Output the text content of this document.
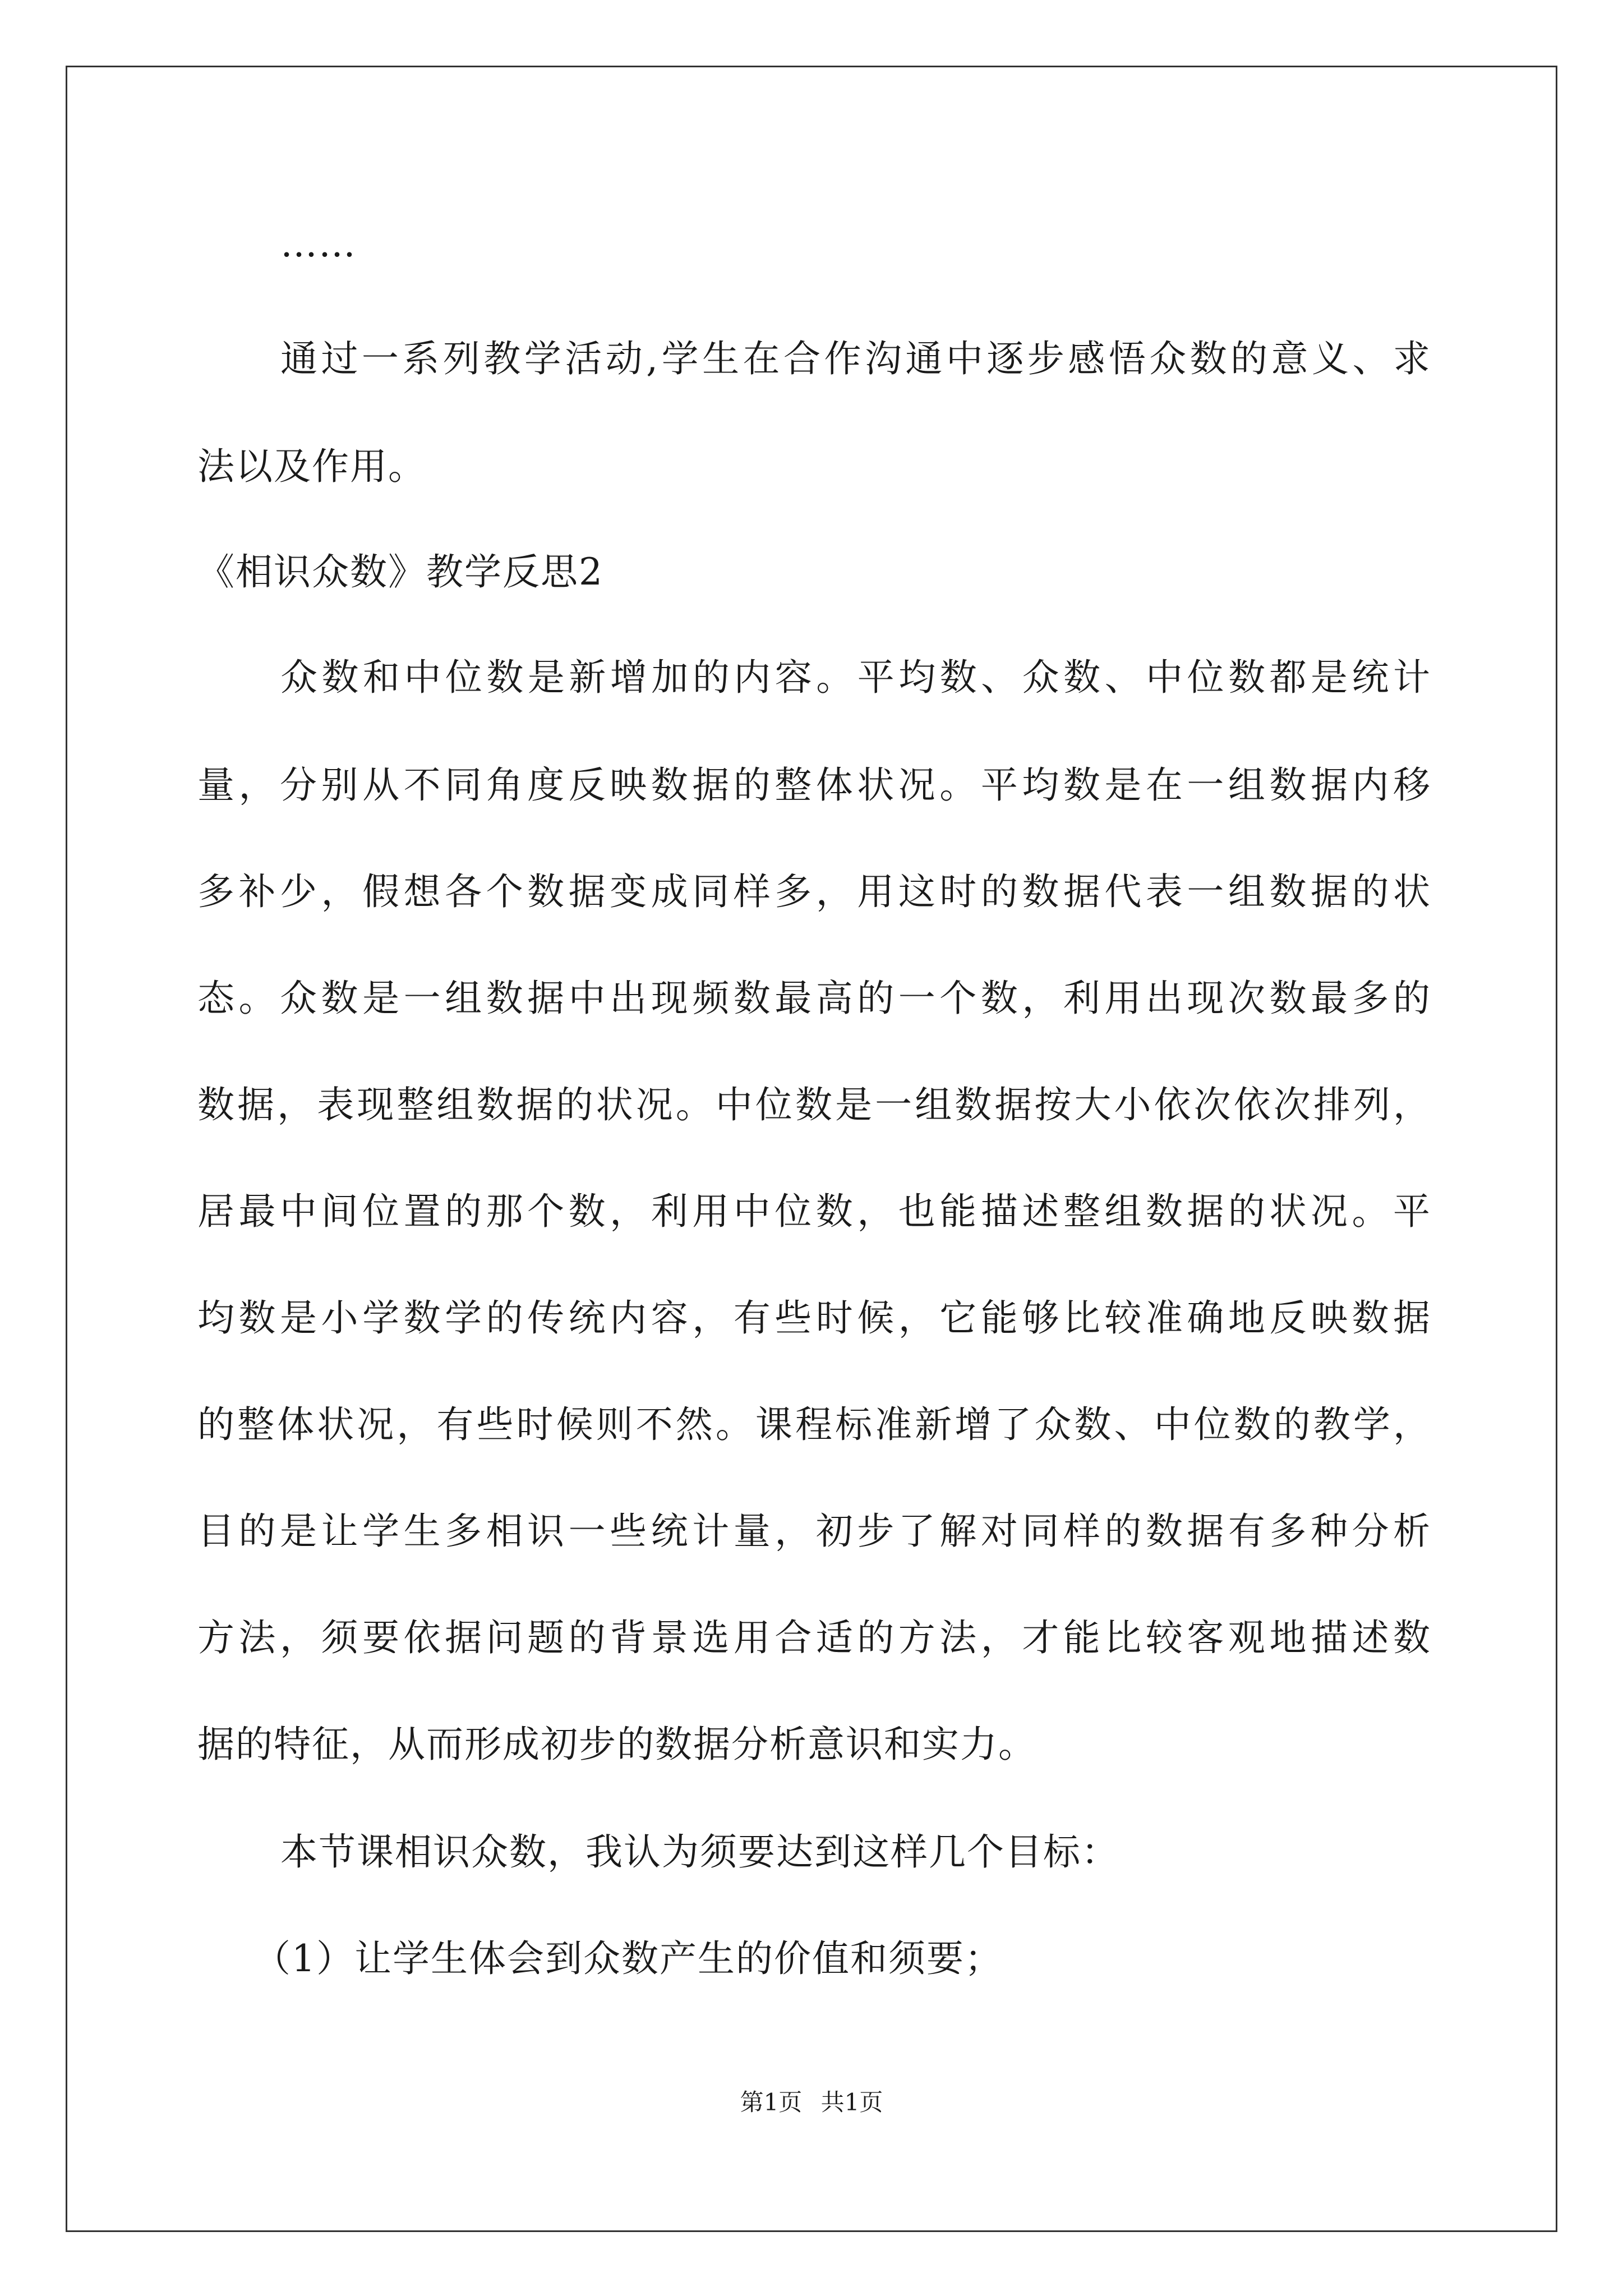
……
通过一系列教学活动,学生在合作沟通中逐步感悟众数的意义、求
法以及作用。
《相识众数》教学反思2
众数和中位数是新增加的内容。平均数、众数、中位数都是统计
量，分别从不同角度反映数据的整体状况。平均数是在一组数据内移
多补少，假想各个数据变成同样多，用这时的数据代表一组数据的状
态。众数是一组数据中出现频数最高的一个数，利用出现次数最多的
数据，表现整组数据的状况。中位数是一组数据按大小依次依次排列，
居最中间位置的那个数，利用中位数，也能描述整组数据的状况。平
均数是小学数学的传统内容，有些时候，它能够比较准确地反映数据
的整体状况，有些时候则不然。课程标准新增了众数、中位数的教学，
目的是让学生多相识一些统计量，初步了解对同样的数据有多种分析
方法，须要依据问题的背景选用合适的方法，才能比较客观地描述数
据的特征，从而形成初步的数据分析意识和实力。
本节课相识众数，我认为须要达到这样几个目标：
（1）让学生体会到众数产生的价值和须要；
第1页 共1页
